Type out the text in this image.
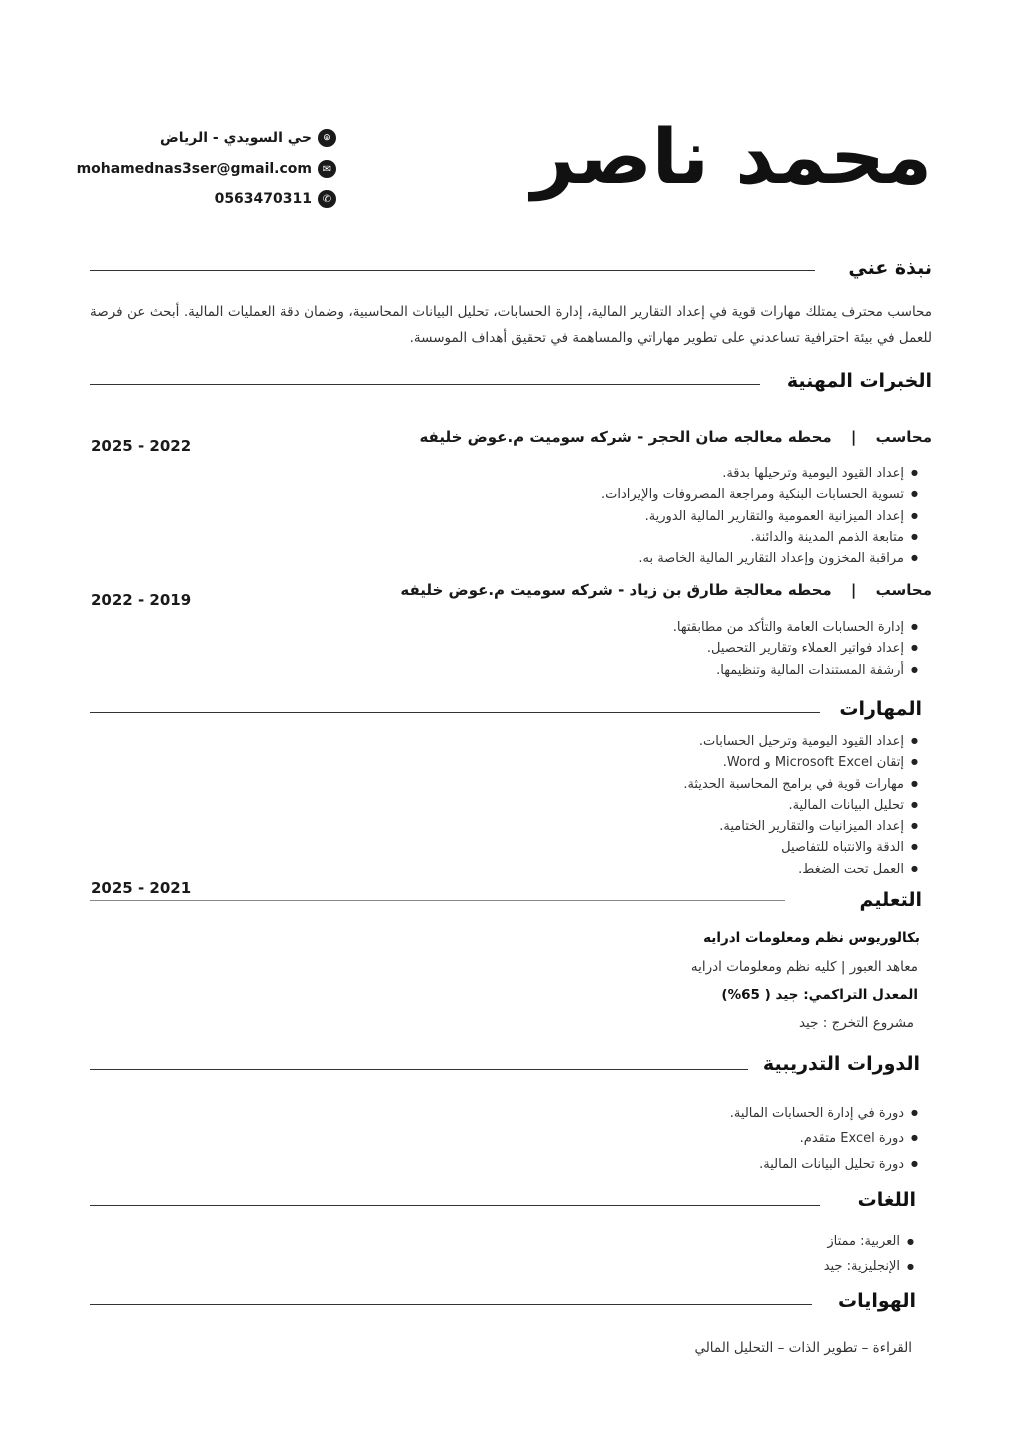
محمد ناصر
حي السويدي - الرياض	⌾
mohamednas3ser@gmail.com	✉
0563470311	✆
نبذة عني
محاسب محترف يمتلك مهارات قوية في إعداد التقارير المالية، إدارة الحسابات، تحليل البيانات المحاسبية، وضمان دقة العمليات المالية. أبحث عن فرصة للعمل في بيئة احترافية تساعدني على تطوير مهاراتي والمساهمة في تحقيق أهداف الموسسة.
الخبرات المهنية
محاسب | محطه معالجه صان الحجر - شركه سوميت م.عوض خليفه
2025 - 2022
● إعداد القيود اليومية وترحيلها بدقة.
● تسوية الحسابات البنكية ومراجعة المصروفات والإيرادات.
● إعداد الميزانية العمومية والتقارير المالية الدورية.
● متابعة الذمم المدينة والدائنة.
● مراقبة المخزون وإعداد التقارير المالية الخاصة به.
محاسب | محطه معالجة طارق بن زياد - شركه سوميت م.عوض خليفه
2022 - 2019
● إدارة الحسابات العامة والتأكد من مطابقتها.
● إعداد فواتير العملاء وتقارير التحصيل.
● أرشفة المستندات المالية وتنظيمها.
المهارات
● إعداد القيود اليومية وترحيل الحسابات.
● إتقان Microsoft Excel و Word.
● مهارات قوية في برامج المحاسبة الحديثة.
● تحليل البيانات المالية.
● إعداد الميزانيات والتقارير الختامية.
● الدقة والانتباه للتفاصيل
● العمل تحت الضغط.
2025 - 2021
التعليم
بكالوريوس نظم ومعلومات ادرايه
معاهد العبور | كليه نظم ومعلومات ادرايه
المعدل التراكمي: جيد ( 65%)
مشروع التخرج : جيد
الدورات التدريبية
● دورة في إدارة الحسابات المالية.
● دورة Excel متقدم.
● دورة تحليل البيانات المالية.
اللغات
● العربية: ممتاز
● الإنجليزية: جيد
الهوايات
القراءة – تطوير الذات – التحليل المالي
